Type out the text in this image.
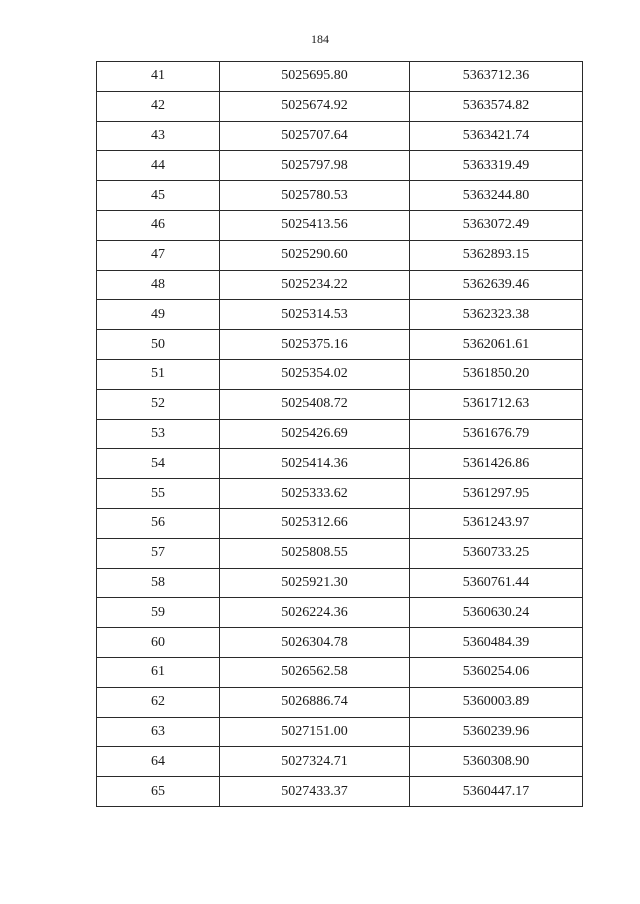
184
41	5025695.80	5363712.36
42	5025674.92	5363574.82
43	5025707.64	5363421.74
44	5025797.98	5363319.49
45	5025780.53	5363244.80
46	5025413.56	5363072.49
47	5025290.60	5362893.15
48	5025234.22	5362639.46
49	5025314.53	5362323.38
50	5025375.16	5362061.61
51	5025354.02	5361850.20
52	5025408.72	5361712.63
53	5025426.69	5361676.79
54	5025414.36	5361426.86
55	5025333.62	5361297.95
56	5025312.66	5361243.97
57	5025808.55	5360733.25
58	5025921.30	5360761.44
59	5026224.36	5360630.24
60	5026304.78	5360484.39
61	5026562.58	5360254.06
62	5026886.74	5360003.89
63	5027151.00	5360239.96
64	5027324.71	5360308.90
65	5027433.37	5360447.17
